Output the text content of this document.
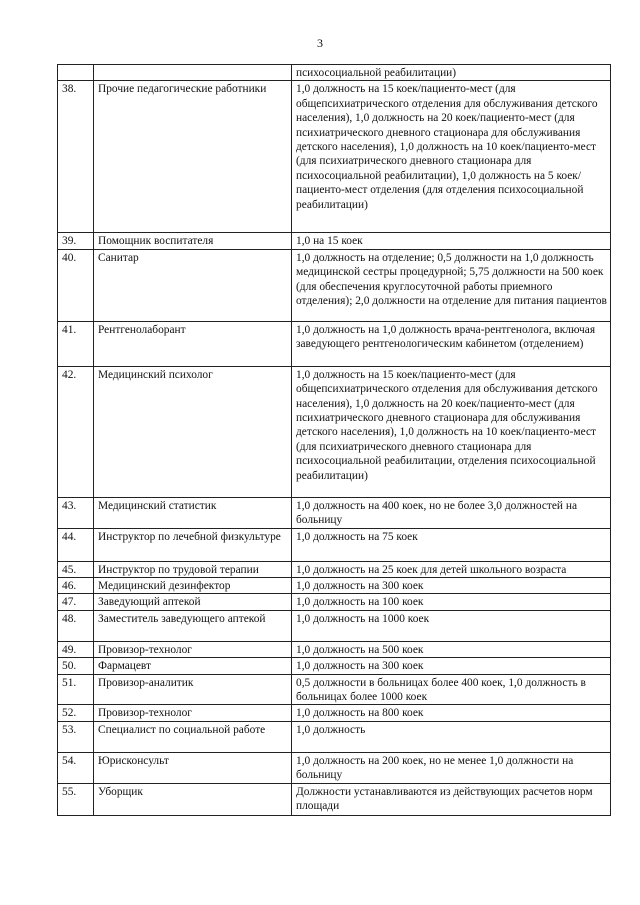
3
		психосоциальной реабилитации)
38.	Прочие педагогические работники	1,0 должность на 15 коек/пациенто-мест (для общепсихиатрического отделения для обслуживания детского населения), 1,0 должность на 20 коек/пациенто-мест (для психиатрического дневного стационара для обслуживания детского населения), 1,0 должность на 10 коек/пациенто-мест (для психиатрического дневного стационара для психосоциальной реабилитации), 1,0 должность на 5 коек/пациенто-мест отделения (для отделения психосоциальной реабилитации)
39.	Помощник воспитателя	1,0 на 15 коек
40.	Санитар	1,0 должность на отделение; 0,5 должности на 1,0 должность медицинской сестры процедурной; 5,75 должности на 500 коек (для обеспечения круглосуточной работы приемного отделения); 2,0 должности на отделение для питания пациентов
41.	Рентгенолаборант	1,0 должность на 1,0 должность врача-рентгенолога, включая заведующего рентгенологическим кабинетом (отделением)
42.	Медицинский психолог	1,0 должность на 15 коек/пациенто-мест (для общепсихиатрического отделения для обслуживания детского населения), 1,0 должность на 20 коек/пациенто-мест (для психиатрического дневного стационара для обслуживания детского населения), 1,0 должность на 10 коек/пациенто-мест (для психиатрического дневного стационара для психосоциальной реабилитации, отделения психосоциальной реабилитации)
43.	Медицинский статистик	1,0 должность на 400 коек, но не более 3,0 должностей на больницу
44.	Инструктор по лечебной физкультуре	1,0 должность на 75 коек
45.	Инструктор по трудовой терапии	1,0 должность на 25 коек для детей школьного возраста
46.	Медицинский дезинфектор	1,0 должность на 300 коек
47.	Заведующий аптекой	1,0 должность на 100 коек
48.	Заместитель заведующего аптекой	1,0 должность на 1000 коек
49.	Провизор-технолог	1,0 должность на 500 коек
50.	Фармацевт	1,0 должность на 300 коек
51.	Провизор-аналитик	0,5 должности в больницах более 400 коек, 1,0 должность в больницах более 1000 коек
52.	Провизор-технолог	1,0 должность на 800 коек
53.	Специалист по социальной работе	1,0 должность
54.	Юрисконсульт	1,0 должность на 200 коек, но не менее 1,0 должности на больницу
55.	Уборщик	Должности устанавливаются из действующих расчетов норм площади
